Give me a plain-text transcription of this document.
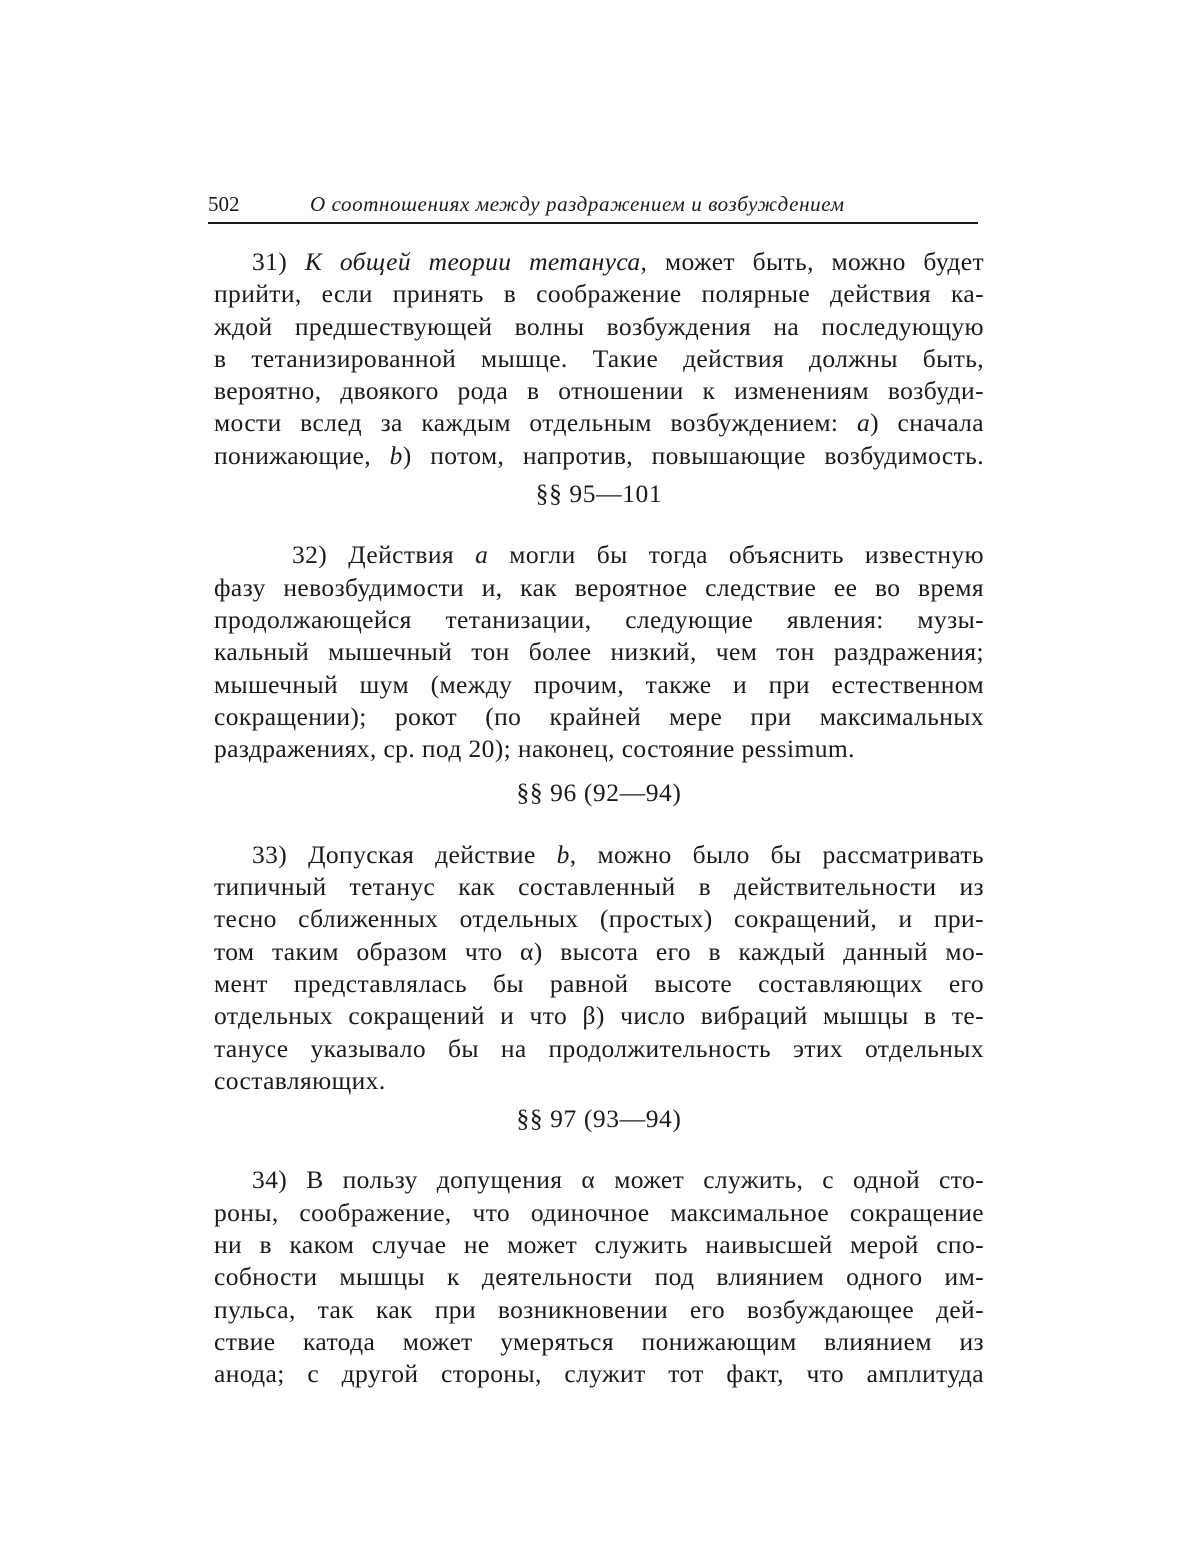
502	О соотношениях между раздражением и возбуждением
31) К общей теории тетануса, может быть, можно будет
прийти, если принять в соображение полярные действия ка-
ждой предшествующей волны возбуждения на последующую
в тетанизированной мышце. Такие действия должны быть,
вероятно, двоякого рода в отношении к изменениям возбуди-
мости вслед за каждым отдельным возбуждением: a) сначала
понижающие, b) потом, напротив, повышающие возбудимость.

§§ 95—101

32) Действия a могли бы тогда объяснить известную
фазу невозбудимости и, как вероятное следствие ее во время
продолжающейся тетанизации, следующие явления: музы-
кальный мышечный тон более низкий, чем тон раздражения;
мышечный шум (между прочим, также и при естественном
сокращении); рокот (по крайней мере при максимальных
раздражениях, ср. под 20); наконец, состояние pessimum.

§§ 96 (92—94)

33) Допуская действие b, можно было бы рассматривать
типичный тетанус как составленный в действительности из
тесно сближенных отдельных (простых) сокращений, и при-
том таким образом что α) высота его в каждый данный мо-
мент представлялась бы равной высоте составляющих его
отдельных сокращений и что β) число вибраций мышцы в те-
танусе указывало бы на продолжительность этих отдельных
составляющих.

§§ 97 (93—94)

34) В пользу допущения α может служить, с одной сто-
роны, соображение, что одиночное максимальное сокращение
ни в каком случае не может служить наивысшей мерой спо-
собности мышцы к деятельности под влиянием одного им-
пульса, так как при возникновении его возбуждающее дей-
ствие катода может умеряться понижающим влиянием из
анода; с другой стороны, служит тот факт, что амплитуда
